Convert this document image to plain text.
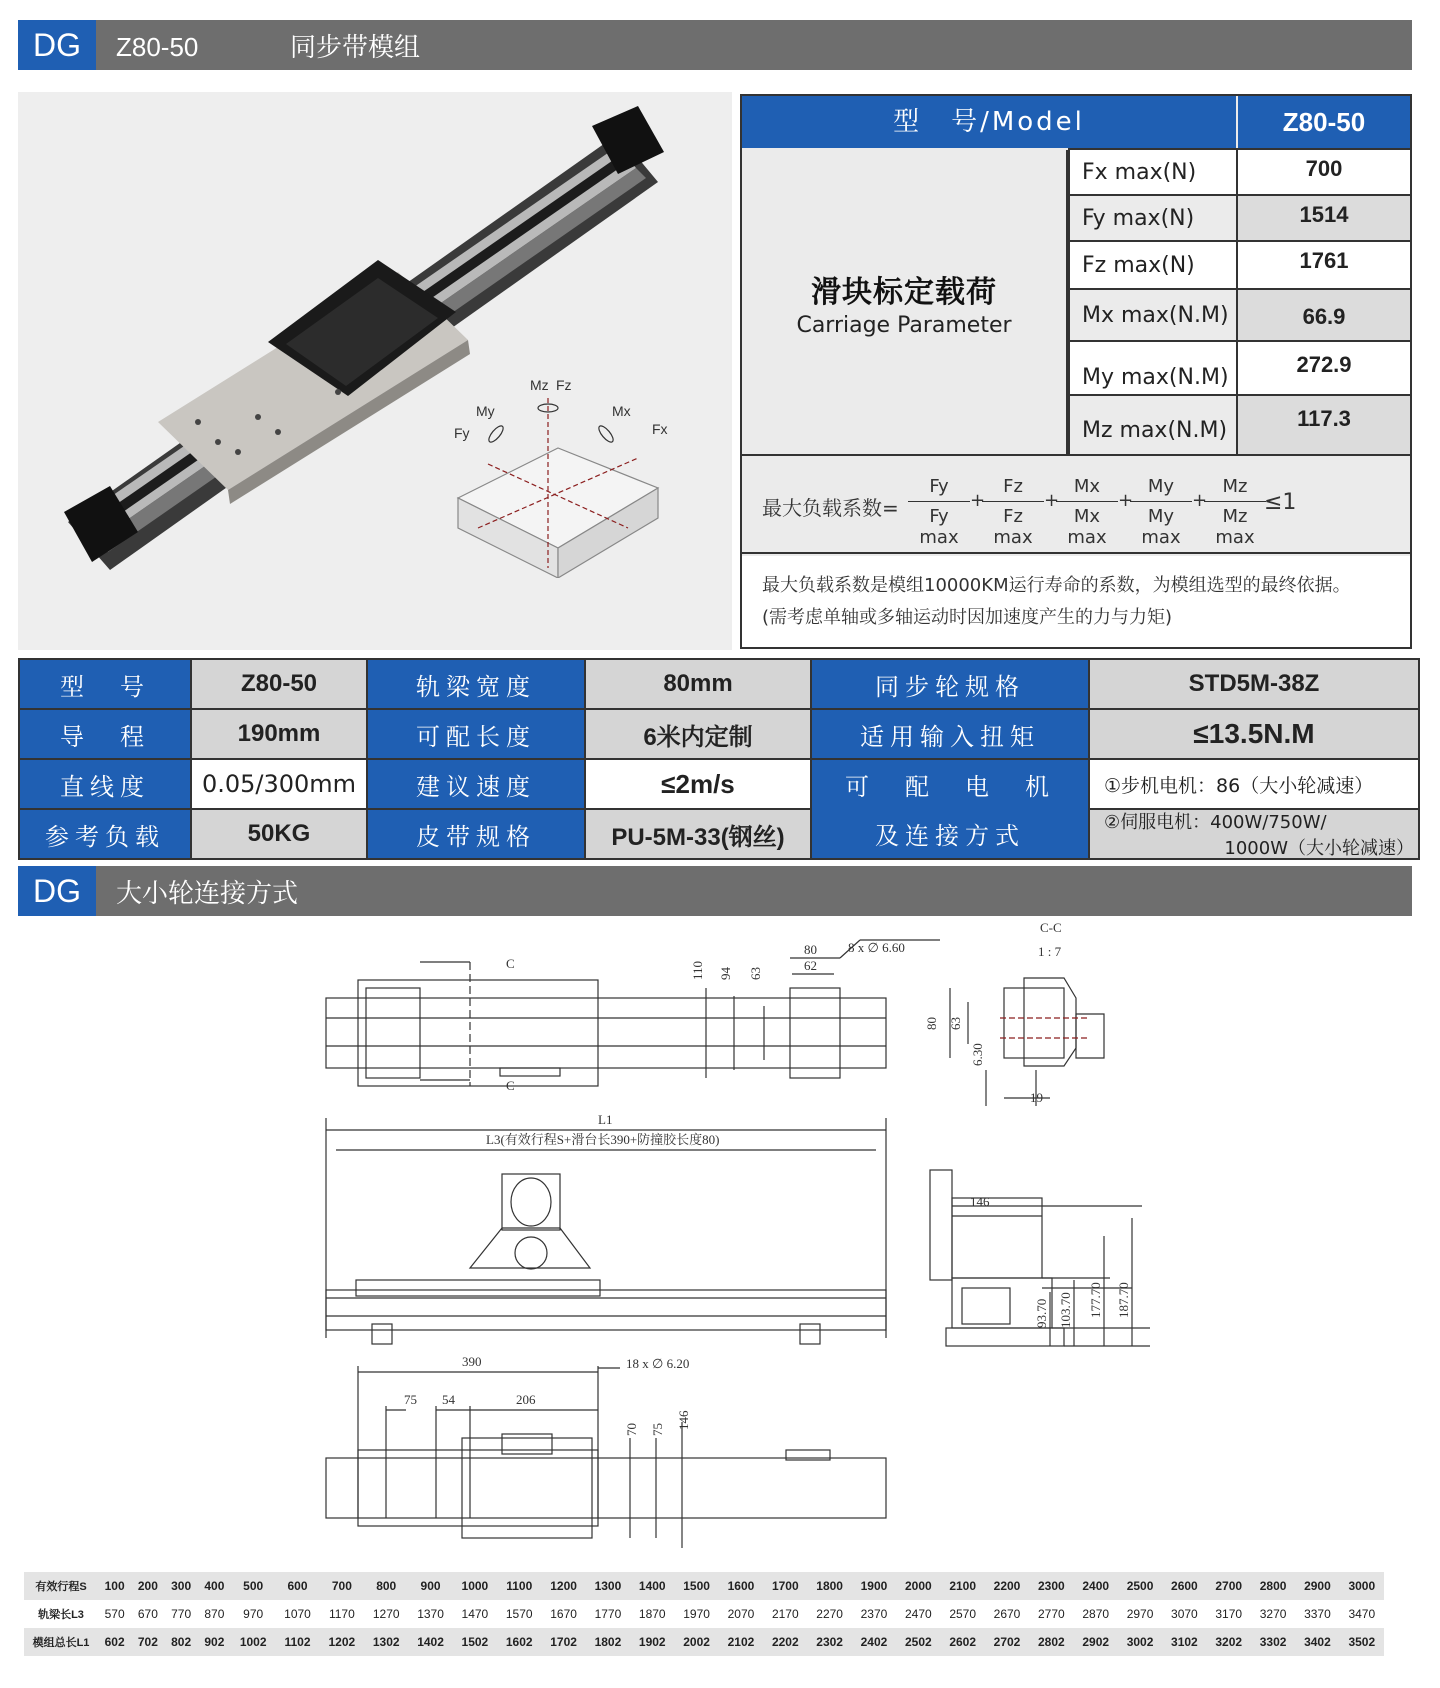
DG	Z80-50	同步带模组
Mz Fz
My	Mx
Fy	Fx
型　号/Model	Z80-50
滑块标定载荷
Carriage Parameter
Fx max(N)	700
Fy max(N)	1514
Fz max(N)	1761
Mx max(N.M)	66.9
My max(N.M)	272.9
Mz max(N.M)	117.3
最大负载系数=
Fy
Fy max
+
Fz
Fz max
+
Mx
Mx max
+
My
My max
+
Mz
Mz max
≤1
最大负载系数是模组10000KM运行寿命的系数，为模组选型的最终依据。
(需考虑单轴或多轴运动时因加速度产生的力与力矩)
型　号	Z80-50	轨梁宽度	80mm	同步轮规格	STD5M-38Z
导　程	190mm	可配长度	6米内定制	适用输入扭矩	≤13.5N.M
直线度	0.05/300mm	建议速度	≤2m/s	可　配　电　机	①步机电机：86（大小轮减速）
参考负载	50KG	皮带规格	PU-5M-33(钢丝)	及连接方式	②伺服电机：400W/750W/
1000W（大小轮减速）
DG	大小轮连接方式
C
C
110 94 63
80
62
8 x ∅ 6.60
C-C
1 : 7
80 63
6.30
19
L1
L3(有效行程S+滑台长390+防撞胶长度80)
146
93.70 103.70 177.70 187.70
390
75 54	206
18 x ∅ 6.20
70 75 146
有效行程S	100	200	300	400	500	600	700	800	900	1000	1100	1200	1300	1400	1500	1600	1700	1800	1900	2000	2100	2200	2300	2400	2500	2600	2700	2800	2900	3000
轨梁长L3	570	670	770	870	970	1070	1170	1270	1370	1470	1570	1670	1770	1870	1970	2070	2170	2270	2370	2470	2570	2670	2770	2870	2970	3070	3170	3270	3370	3470
模组总长L1	602	702	802	902	1002	1102	1202	1302	1402	1502	1602	1702	1802	1902	2002	2102	2202	2302	2402	2502	2602	2702	2802	2902	3002	3102	3202	3302	3402	3502
